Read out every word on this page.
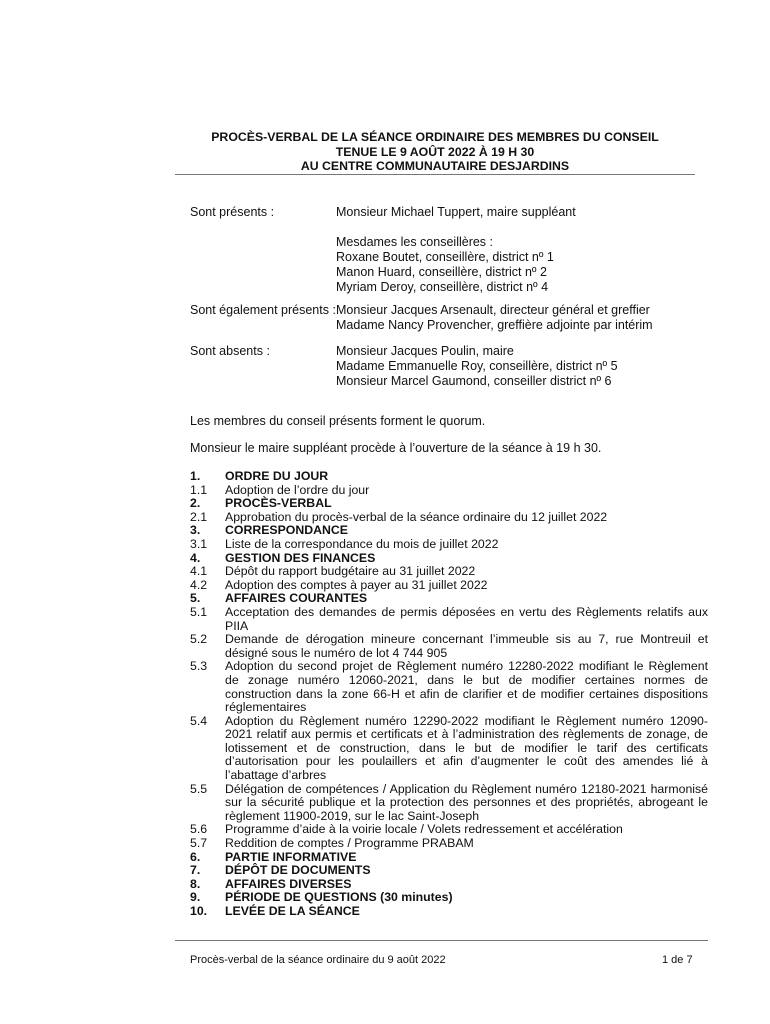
PROCÈS-VERBAL DE LA SÉANCE ORDINAIRE DES MEMBRES DU CONSEIL
TENUE LE 9 AOÛT 2022 À 19 H 30
AU CENTRE COMMUNAUTAIRE DESJARDINS
Sont présents :	Monsieur Michael Tuppert, maire suppléant
Mesdames les conseillères :
Roxane Boutet, conseillère, district nº 1
Manon Huard, conseillère, district nº 2
Myriam Deroy, conseillère, district nº 4
Sont également présents : Monsieur Jacques Arsenault, directeur général et greffier
Madame Nancy Provencher, greffière adjointe par intérim
Sont absents :	Monsieur Jacques Poulin, maire
Madame Emmanuelle Roy, conseillère, district nº 5
Monsieur Marcel Gaumond, conseiller district nº 6
Les membres du conseil présents forment le quorum.
Monsieur le maire suppléant procède à l’ouverture de la séance à 19 h 30.
1.	ORDRE DU JOUR
1.1	Adoption de l’ordre du jour
2.	PROCÈS-VERBAL
2.1	Approbation du procès-verbal de la séance ordinaire du 12 juillet 2022
3.	CORRESPONDANCE
3.1	Liste de la correspondance du mois de juillet 2022
4.	GESTION DES FINANCES
4.1	Dépôt du rapport budgétaire au 31 juillet 2022
4.2	Adoption des comptes à payer au 31 juillet 2022
5.	AFFAIRES COURANTES
5.1	Acceptation des demandes de permis déposées en vertu des Règlements relatifs aux PIIA
5.2	Demande de dérogation mineure concernant l’immeuble sis au 7, rue Montreuil et désigné sous le numéro de lot 4 744 905
5.3	Adoption du second projet de Règlement numéro 12280-2022 modifiant le Règlement de zonage numéro 12060-2021, dans le but de modifier certaines normes de construction dans la zone 66-H et afin de clarifier et de modifier certaines dispositions réglementaires
5.4	Adoption du Règlement numéro 12290-2022 modifiant le Règlement numéro 12090-2021 relatif aux permis et certificats et à l’administration des règlements de zonage, de lotissement et de construction, dans le but de modifier le tarif des certificats d’autorisation pour les poulaillers et afin d’augmenter le coût des amendes lié à l’abattage d’arbres
5.5	Délégation de compétences / Application du Règlement numéro 12180-2021 harmonisé sur la sécurité publique et la protection des personnes et des propriétés, abrogeant le règlement 11900-2019, sur le lac Saint-Joseph
5.6	Programme d’aide à la voirie locale / Volets redressement et accélération
5.7	Reddition de comptes / Programme PRABAM
6.	PARTIE INFORMATIVE
7.	DÉPÔT DE DOCUMENTS
8.	AFFAIRES DIVERSES
9.	PÉRIODE DE QUESTIONS (30 minutes)
10.	LEVÉE DE LA SÉANCE
Procès-verbal de la séance ordinaire du 9 août 2022	1 de 7
